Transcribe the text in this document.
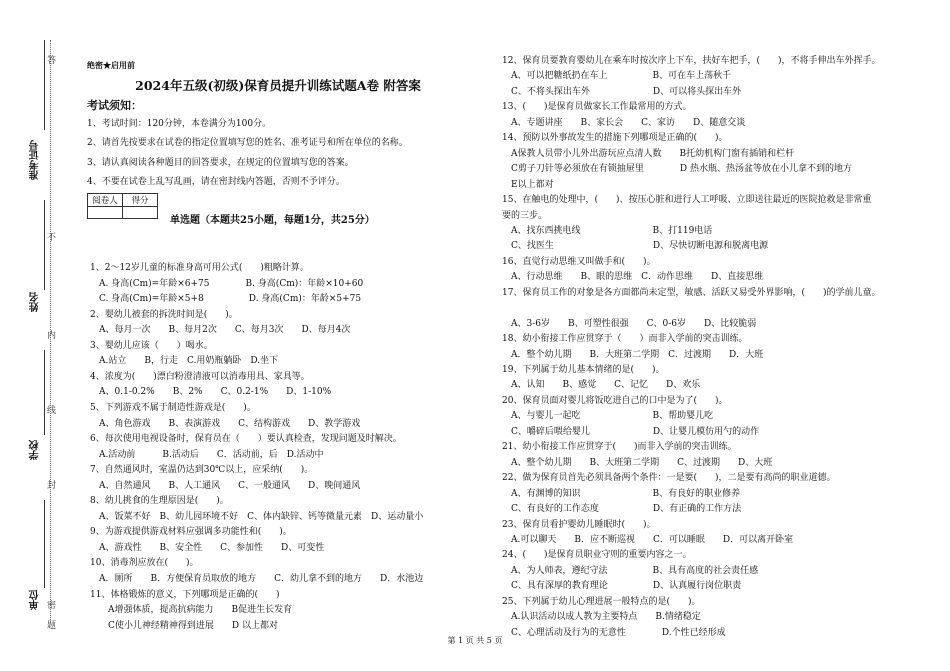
准考证号
姓名
学校
单位 密
封
线
不
内
答
题
绝密★启用前
2024年五级(初级)保育员提升训练试题A卷 附答案
考试须知：
1、考试时间：120分钟，本卷满分为100分。
2、请首先按要求在试卷的指定位置填写您的姓名、准考证号和所在单位的名称。
3、请认真阅读各种题目的回答要求，在规定的位置填写您的答案。
4、不要在试卷上乱写乱画，请在密封线内答题，否则不予评分。
阅卷人	得分

单选题（本题共25小题，每题1分，共25分）
1、2～12岁儿童的标准身高可用公式(　　)粗略计算。
　A. 身高(Cm)=年龄×6+75　　　　B. 身高(Cm)：年龄×10+60
　C. 身高(Cm)=年龄×5+8　　　　　D. 身高(Cm)：年龄×5+75
2、婴幼儿被套的拆洗时间是(　　)。
　A、每月一次　　B、每月2次　　C、每月3次　　D、每月4次
3、婴幼儿应该（　　）喝水。
　A.站立　　B，行走　C.用奶瓶躺卧　D.坐下
4、浓度为(　　)漂白粉澄清液可以消毒用具、家具等。
　A、0.1-0.2%　　B、2%　　C、0.2-1%　　D、1-10%
5、下列游戏不属于制造性游戏是(　　)。
　A、角色游戏　　B、表演游戏　　C、结构游戏　　D、教学游戏
6、每次使用电视设备时，保育员在（　　）要认真检查，发现问题及时解决。
　A.活动前　　　B.活动后　　C．活动前，后　D.活动中
7、自然通风时，室温仍达到30℃以上，应采纳(　　)。
　A、自然通风　　B、人工通风　　C、一般通风　　D、晚间通风
8、幼儿挑食的生理原因是(　　)。
　A、饭菜不好　B、幼儿园环境不好　C、体内缺锌、钙等微量元素　D、运动量小
9、为游戏提供游戏材料应强调多功能性和(　　)。
　A、游戏性　　B、安全性　　C、参加性　　D、可变性
10、消毒剂应放在(　　)。
　A．厕所　　B．方便保育员取放的地方　　C．幼儿拿不到的地方　　D．水池边
11、体格锻炼的意义，下列哪项是正确的(　　)
　　A增强体质，提高抗病能力　　B促进生长发育
　　C使小儿神经精神得到进展　　D 以上都对
12、保育员要教育婴幼儿在乘车时按次序上下车，扶好车把手，(　　)，不将手伸出车外挥手。
　A、可以把糖纸扔在车上　　　　　B、可在车上荡秋千
　C、不将头探出车外　　　　　　　D、可以将头探出车外
13、(　　)是保育员做家长工作最常用的方式。
　A、专题讲座　　B、家长会　　C、家访　　D、随意交谈
14、预防以外事故发生的措施下列哪项是正确的(　　)。
　A保教人员带小儿外出游玩应点清人数　　B托幼机构门窗有插销和栏杆
　C剪子刀针等必须放在有锁抽屉里　　　　D 热水瓶、热汤盆等放在小儿拿不到的地方
　E以上都对
15、在触电的处理中，(　　)、按压心脏和进行人工呼吸、立即送往最近的医院抢救是非常重
要的三步。
　A、找东西挑电线　　　　　　　　B、打119电话
　C、找医生　　　　　　　　　　　D、尽快切断电源和脱离电源
16、直觉行动思维又叫做手和(　　)。
　A、行动思维　　B、眼的思维　C．动作思维　　D、直接思维
17、保育员工作的对象是各方面都尚未定型，敏感、活跃又易受外界影响，(　　)的学前儿童。
　A、3-6岁　　B、可塑性很强　　C、0-6岁　　D、比较脆弱
18、幼小衔接工作应贯穿于（　　）而非入学前的突击训练。
　A．整个幼儿期　　B．大班第二学期　C．过渡期　　D．大班
19、下列属于幼儿基本情绪的是(　　)。
　A、认知　　B、感觉　　C、记忆　　D、欢乐
20、保育员面对婴儿将饭吃进自己的口中是为了(　　)。
　A、与婴儿一起吃　　　　　　　　B、帮助婴儿吃
　C、嚼碎后喂给婴儿　　　　　　　D、让婴儿模仿用勺的动作
21、幼小衔接工作应贯穿于(　　)而非入学前的突击训练。
　A、整个幼儿期　　B、大班第二学期　　C、过渡期　　D、大班
22、做为保育员首先必须具备两个条件：一是要(　　)，二是要有高尚的职业道德。
　A、有渊博的知识　　　　　　　　B、有良好的职业修养
　C、有良好的工作态度　　　　　　D、有正确的工作方法
23、保育员看护婴幼儿睡眠时(　　)。
　A.可以聊天　　B．应不断巡视　　C．可以睡眠　　D．可以离开卧室
24、(　　)是保育员职业守则的重要内容之一。
　A、为人师表，遵纪守法　　　　　B、具有高度的社会责任感
　C、具有深厚的教育理论　　　　　D、认真履行岗位职责
25、下列属于幼儿心理进展一般特点的是(　　)。
　A.认识活动以成人教为主要特点　　B.情绪稳定
　C、心理活动及行为的无意性　　　　D.个性已经形成
第 1 页 共 5 页
